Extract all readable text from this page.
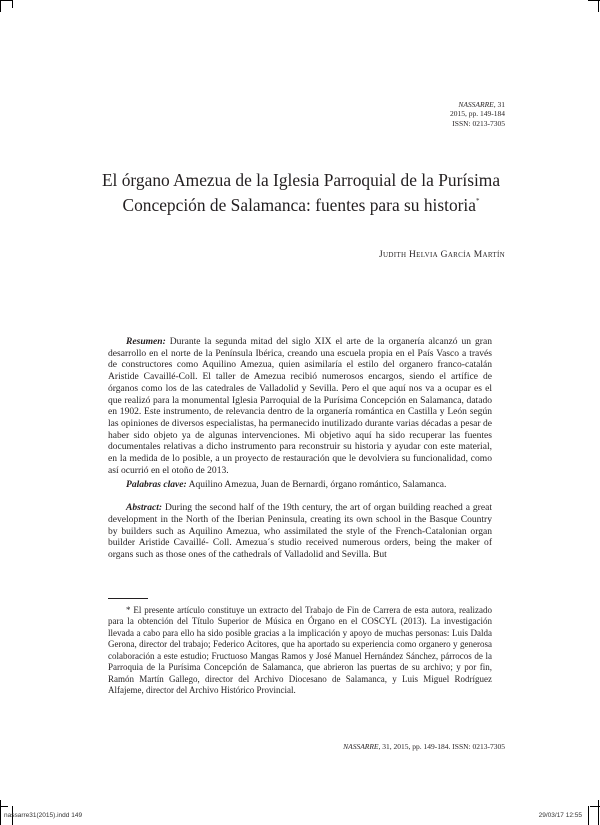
NASSARRE, 31
2015, pp. 149-184
ISSN: 0213-7305
El órgano Amezua de la Iglesia Parroquial de la Purísima Concepción de Salamanca: fuentes para su historia*
Judith Helvia García Martín

Resumen: Durante la segunda mitad del siglo XIX el arte de la organería alcanzó un gran desarrollo en el norte de la Península Ibérica, creando una escuela propia en el País Vasco a través de constructores como Aquilino Amezua, quien asimilaría el estilo del organero franco-catalán Aristide Cavaillé-Coll. El taller de Amezua recibió numerosos encargos, siendo el artífice de órganos como los de las catedrales de Valladolid y Sevilla. Pero el que aquí nos va a ocupar es el que realizó para la monumental Iglesia Parroquial de la Purísima Concepción en Salamanca, datado en 1902. Este instrumento, de relevancia dentro de la organería romántica en Castilla y León según las opiniones de diversos especialistas, ha permanecido inutilizado durante varias décadas a pesar de haber sido objeto ya de algunas intervenciones. Mi objetivo aquí ha sido recuperar las fuentes documentales relativas a dicho instrumento para reconstruir su historia y ayudar con este material, en la medida de lo posible, a un proyecto de restauración que le devolviera su funcionalidad, como así ocurrió en el otoño de 2013.

Palabras clave: Aquilino Amezua, Juan de Bernardi, órgano romántico, Salamanca.

Abstract: During the second half of the 19th century, the art of organ building reached a great development in the North of the Iberian Peninsula, creating its own school in the Basque Country by builders such as Aquilino Amezua, who assimilated the style of the French-Catalonian organ builder Aristide Cavaillé- Coll. Amezua´s studio received numerous orders, being the maker of organs such as those ones of the cathedrals of Valladolid and Sevilla. But

* El presente artículo constituye un extracto del Trabajo de Fin de Carrera de esta autora, realizado para la obtención del Título Superior de Música en Órgano en el COSCYL (2013). La investigación llevada a cabo para ello ha sido posible gracias a la implicación y apoyo de muchas personas: Luis Dalda Gerona, director del trabajo; Federico Acitores, que ha aportado su experiencia como organero y generosa colaboración a este estudio; Fructuoso Mangas Ramos y José Manuel Hernández Sánchez, párrocos de la Parroquia de la Purísima Concepción de Salamanca, que abrieron las puertas de su archivo; y por fin, Ramón Martín Gallego, director del Archivo Diocesano de Salamanca, y Luis Miguel Rodríguez Alfajeme, director del Archivo Histórico Provincial.

NASSARRE, 31, 2015, pp. 149-184. ISSN: 0213-7305
nassarre31(2015).indd 149	29/03/17 12:55
